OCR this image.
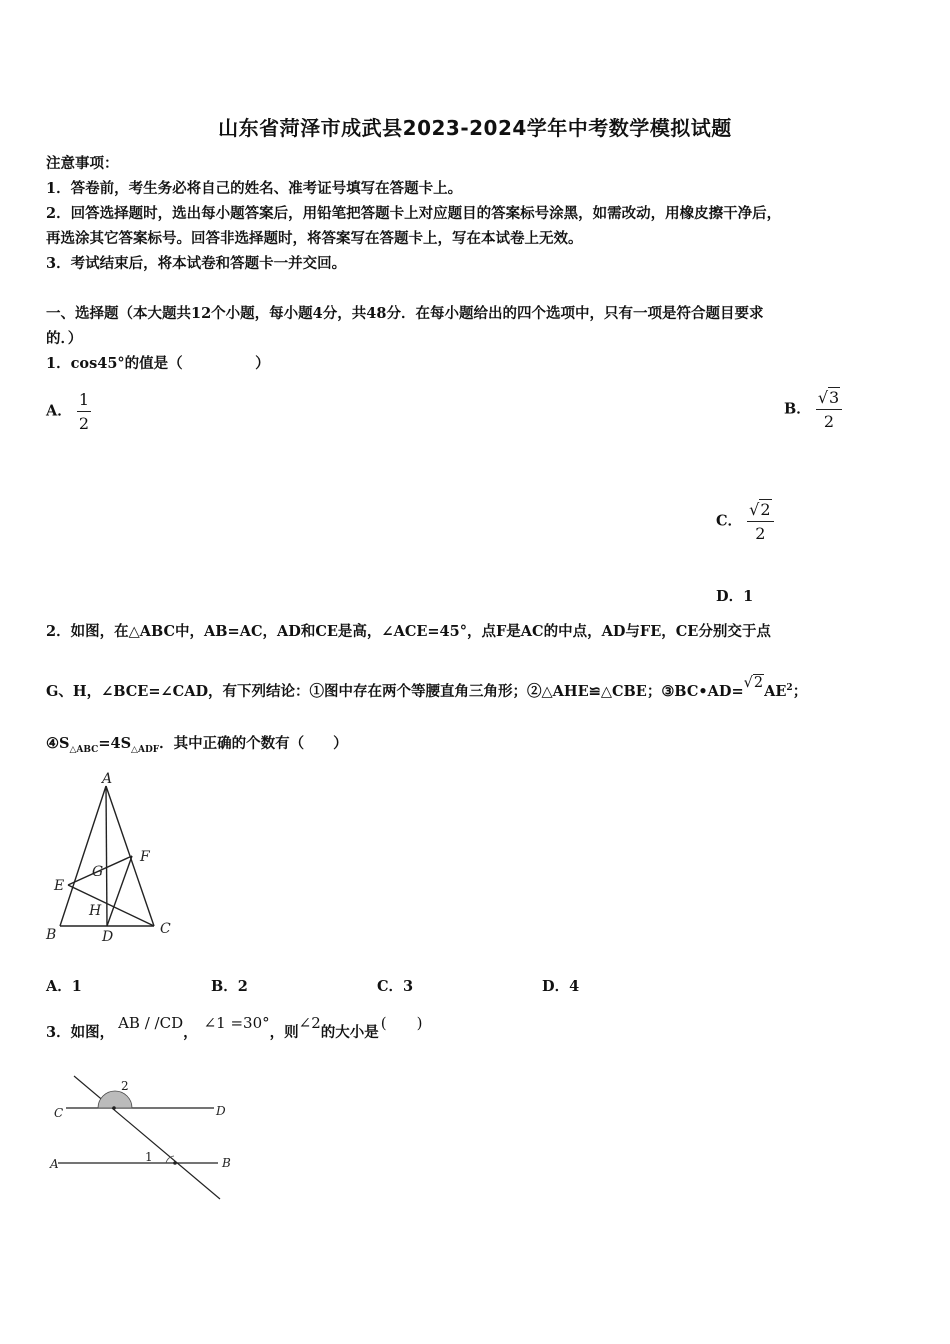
山东省菏泽市成武县2023-2024学年中考数学模拟试题
注意事项：
1．答卷前，考生务必将自己的姓名、准考证号填写在答题卡上。
2．回答选择题时，选出每小题答案后，用铅笔把答题卡上对应题目的答案标号涂黑，如需改动，用橡皮擦干净后，
再选涂其它答案标号。回答非选择题时，将答案写在答题卡上，写在本试卷上无效。
3．考试结束后，将本试卷和答题卡一并交回。
一、选择题（本大题共12个小题，每小题4分，共48分．在每小题给出的四个选项中，只有一项是符合题目要求
的．）
1．cos45°的值是（　　　　　）
A． $\frac{1}{2}$	B． $\frac{√3}{2}$
C． $\frac{√2}{2}$
D．1
2．如图，在△ABC中，AB=AC，AD和CE是高，∠ACE=45°，点F是AC的中点，AD与FE，CE分别交于点
G、H，∠BCE=∠CAD，有下列结论：①图中存在两个等腰直角三角形；②△AHE≌△CBE；$③BC•AD=√2AE^2$；
$④S_{\triangle ABC}=4S_{\triangle ADF}$．其中正确的个数有（　　）
A
B	C
D
E
F
G
H
A．1	B．2	C．3	D．4
3．如图，AB / /CD，∠1 =30°，则∠2的大小是(　　)
C	D
A	B
1
2
